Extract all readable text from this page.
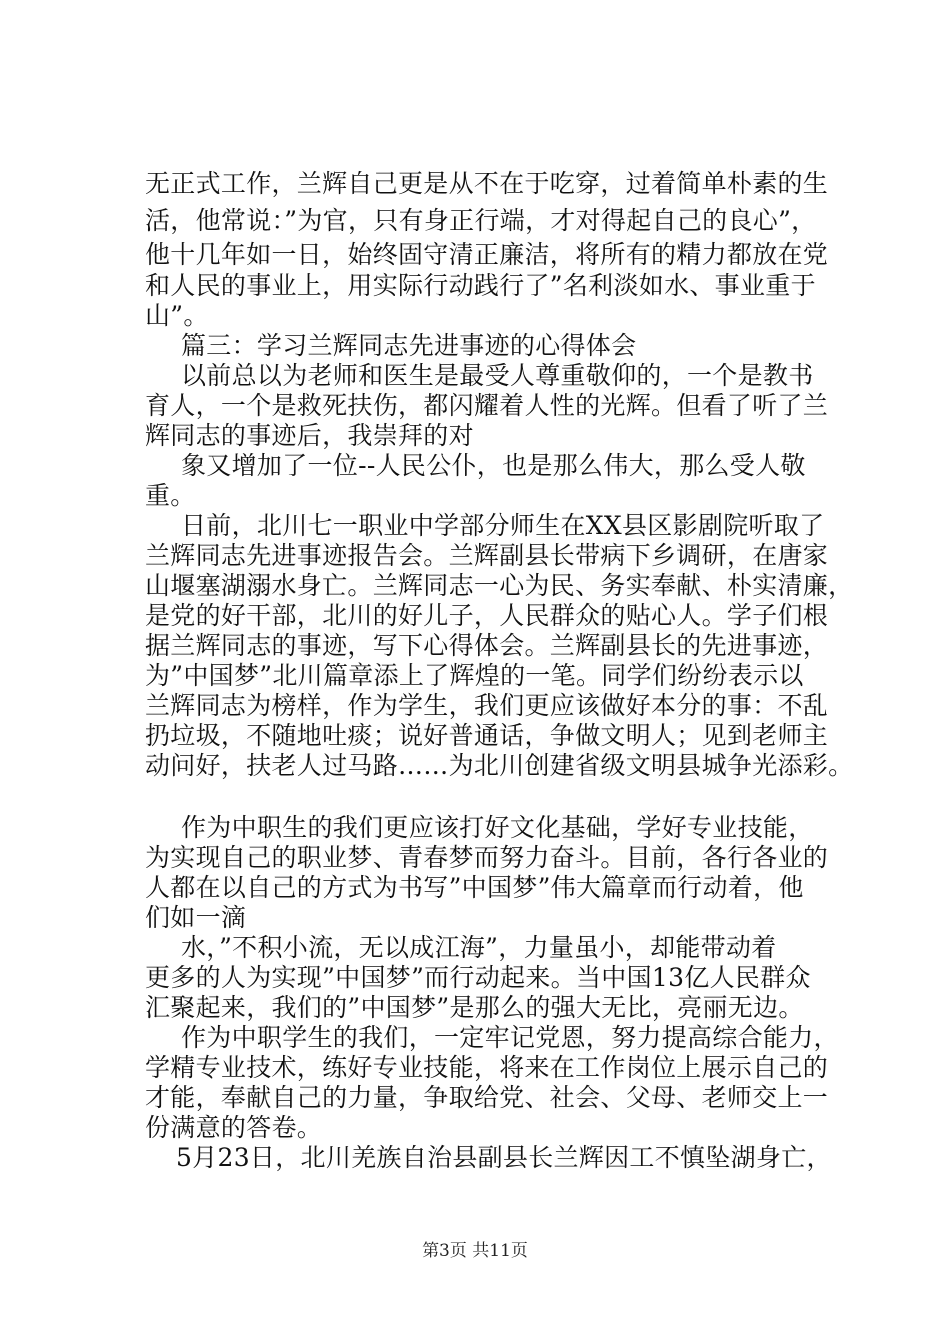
无正式工作，兰辉自己更是从不在于吃穿，过着简单朴素的生
活，他常说：”为官，只有身正行端，才对得起自己的良心”，
他十几年如一日，始终固守清正廉洁，将所有的精力都放在党
和人民的事业上，用实际行动践行了”名利淡如水、事业重于
山”。
篇三：学习兰辉同志先进事迹的心得体会
以前总以为老师和医生是最受人尊重敬仰的，一个是教书
育人，一个是救死扶伤，都闪耀着人性的光辉。但看了听了兰
辉同志的事迹后，我崇拜的对
象又增加了一位--人民公仆，也是那么伟大，那么受人敬
重。
日前，北川七一职业中学部分师生在XX县区影剧院听取了
兰辉同志先进事迹报告会。兰辉副县长带病下乡调研，在唐家
山堰塞湖溺水身亡。兰辉同志一心为民、务实奉献、朴实清廉，
是党的好干部，北川的好儿子，人民群众的贴心人。学子们根
据兰辉同志的事迹，写下心得体会。兰辉副县长的先进事迹，
为”中国梦”北川篇章添上了辉煌的一笔。同学们纷纷表示以
兰辉同志为榜样，作为学生，我们更应该做好本分的事：不乱
扔垃圾，不随地吐痰；说好普通话，争做文明人；见到老师主
动问好，扶老人过马路……为北川创建省级文明县城争光添彩。
作为中职生的我们更应该打好文化基础，学好专业技能，
为实现自己的职业梦、青春梦而努力奋斗。目前，各行各业的
人都在以自己的方式为书写”中国梦”伟大篇章而行动着，他
们如一滴
水，”不积小流，无以成江海”，力量虽小，却能带动着
更多的人为实现”中国梦”而行动起来。当中国13亿人民群众
汇聚起来，我们的”中国梦”是那么的强大无比，亮丽无边。
作为中职学生的我们，一定牢记党恩，努力提高综合能力，
学精专业技术，练好专业技能，将来在工作岗位上展示自己的
才能，奉献自己的力量，争取给党、社会、父母、老师交上一
份满意的答卷。
5月23日，北川羌族自治县副县长兰辉因工不慎坠湖身亡，
第3页 共11页
